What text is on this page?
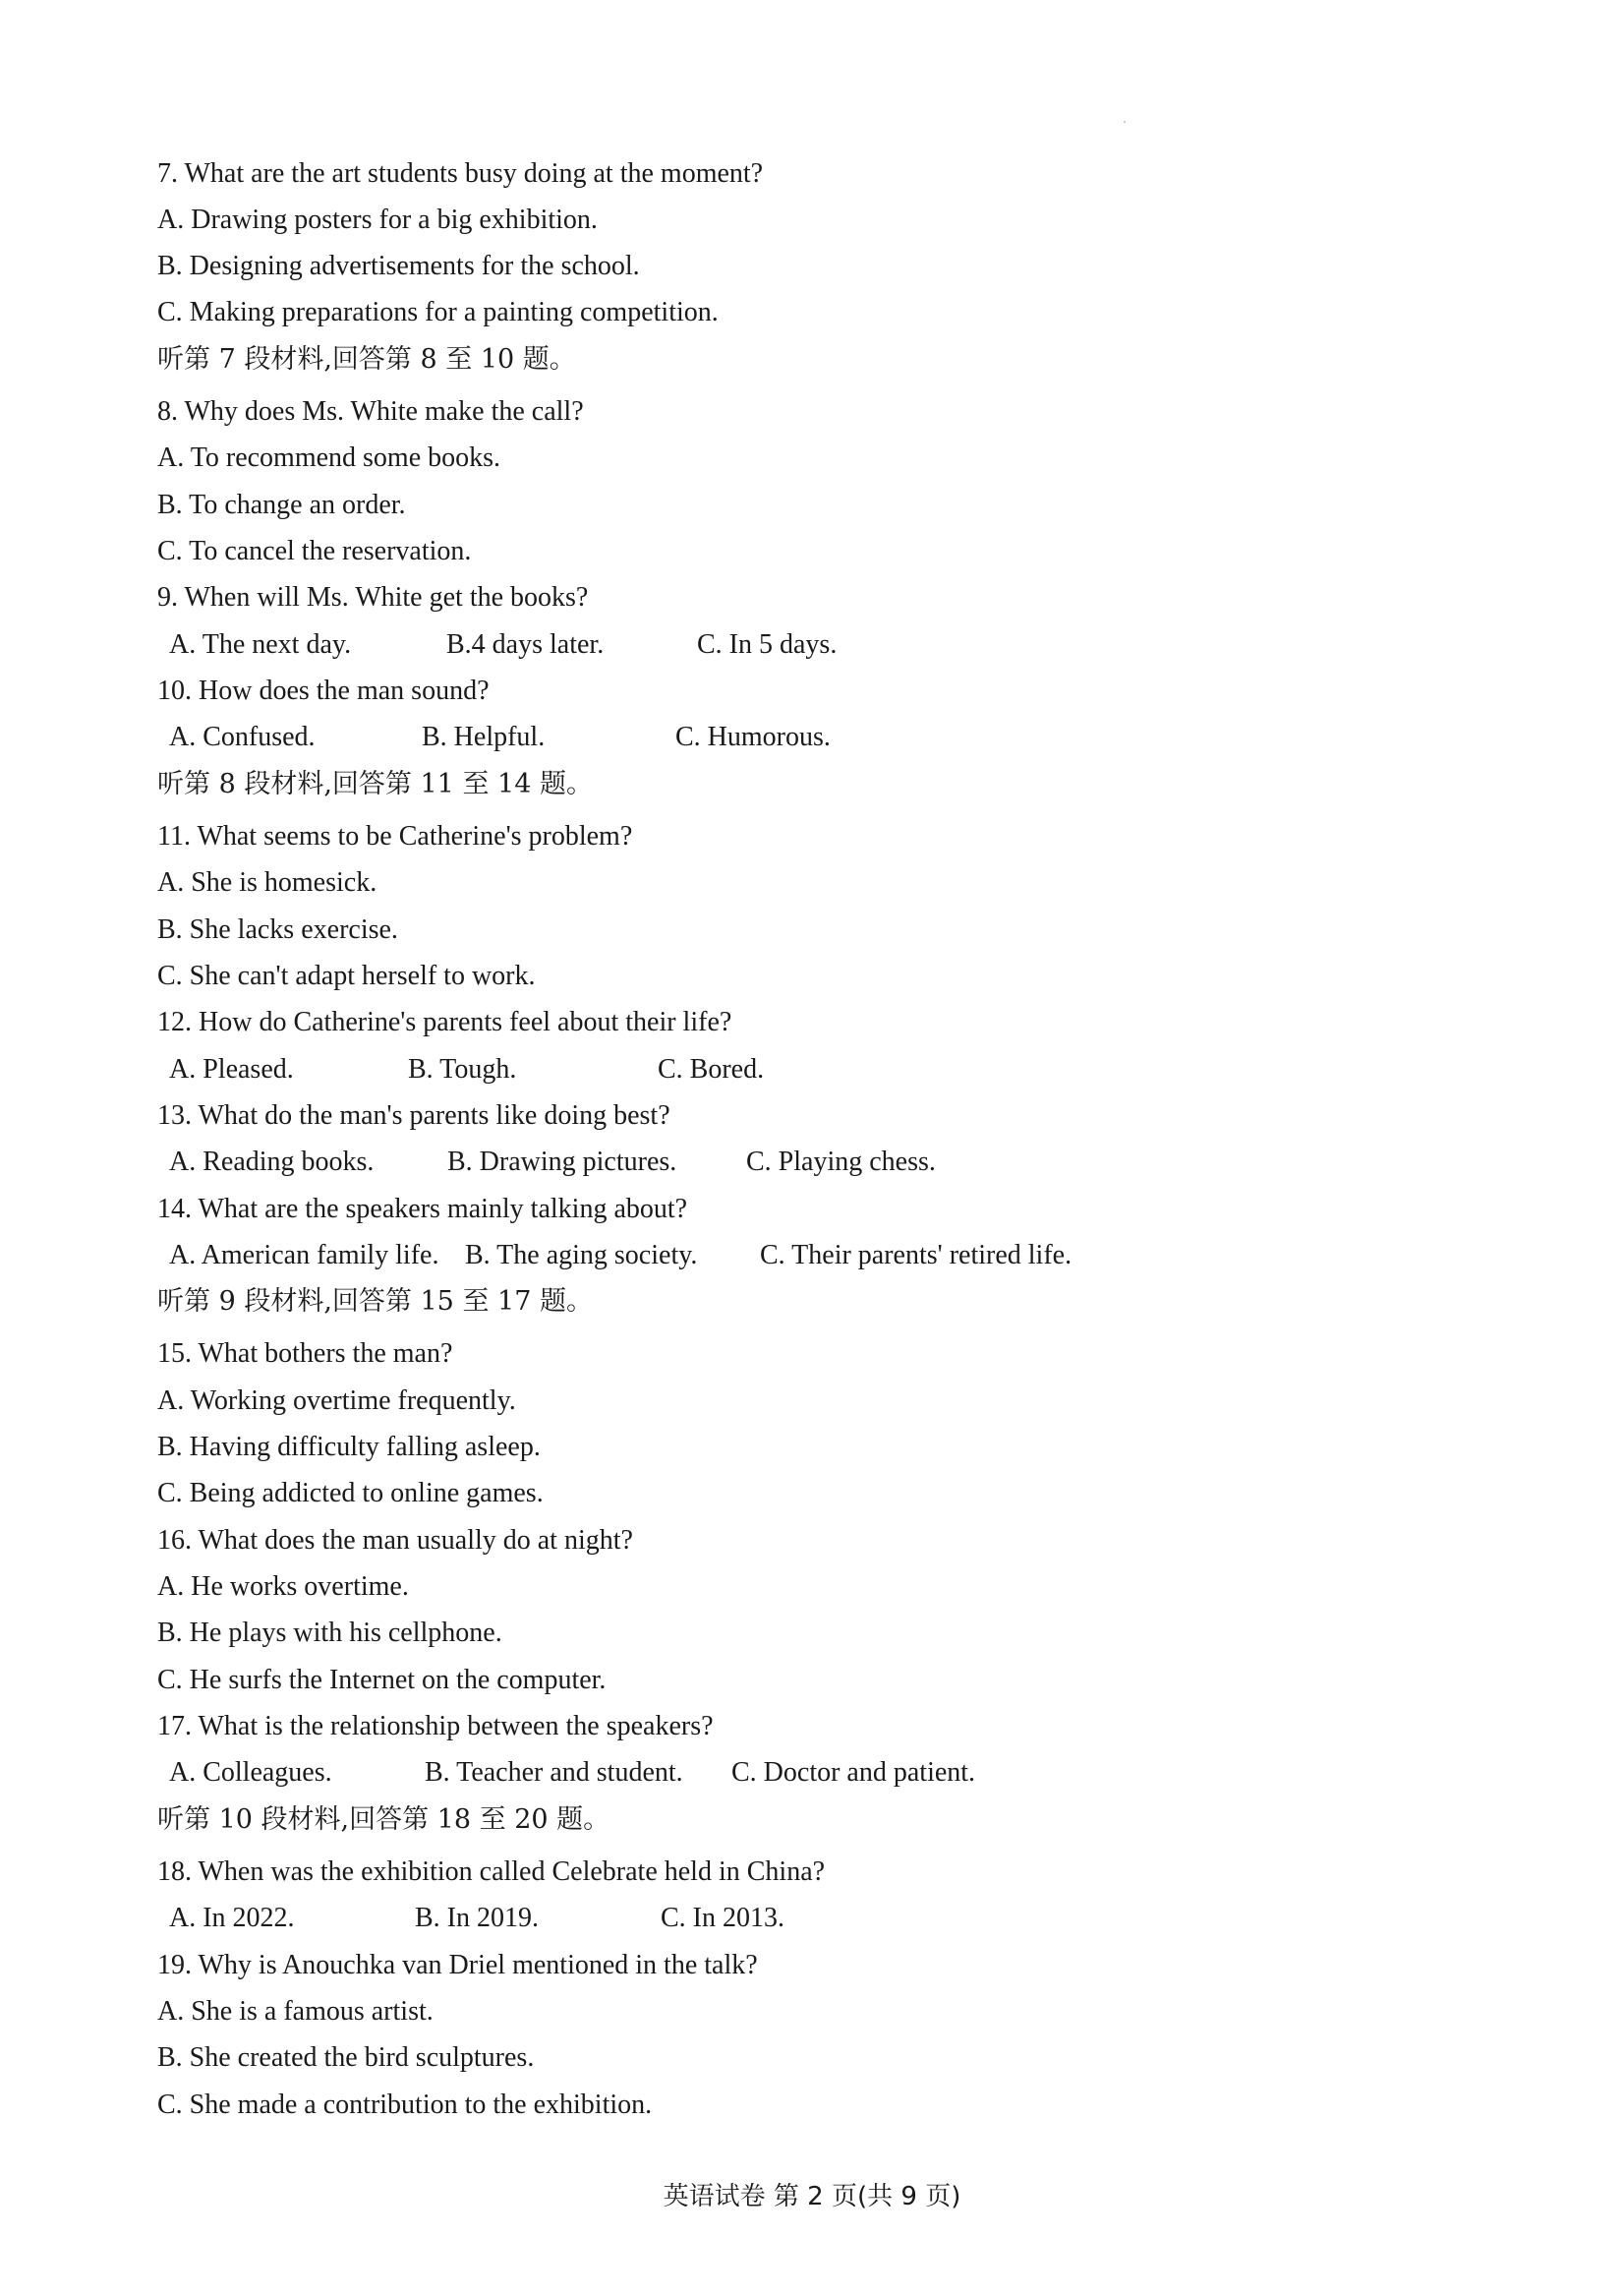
7. What are the art students busy doing at the moment?
A. Drawing posters for a big exhibition.
B. Designing advertisements for the school.
C. Making preparations for a painting competition.
听第 7 段材料,回答第 8 至 10 题。
8. Why does Ms. White make the call?
A. To recommend some books.
B. To change an order.
C. To cancel the reservation.
9. When will Ms. White get the books?
A. The next day.	B.4 days later.	C. In 5 days.
10. How does the man sound?
A. Confused.	B. Helpful.	C. Humorous.
听第 8 段材料,回答第 11 至 14 题。
11. What seems to be Catherine's problem?
A. She is homesick.
B. She lacks exercise.
C. She can't adapt herself to work.
12. How do Catherine's parents feel about their life?
A. Pleased.	B. Tough.	C. Bored.
13. What do the man's parents like doing best?
A. Reading books.	B. Drawing pictures.	C. Playing chess.
14. What are the speakers mainly talking about?
A. American family life. B. The aging society. C. Their parents' retired life.
听第 9 段材料,回答第 15 至 17 题。
15. What bothers the man?
A. Working overtime frequently.
B. Having difficulty falling asleep.
C. Being addicted to online games.
16. What does the man usually do at night?
A. He works overtime.
B. He plays with his cellphone.
C. He surfs the Internet on the computer.
17. What is the relationship between the speakers?
A. Colleagues.	B. Teacher and student. C. Doctor and patient.
听第 10 段材料,回答第 18 至 20 题。
18. When was the exhibition called Celebrate held in China?
A. In 2022.	B. In 2019.	C. In 2013.
19. Why is Anouchka van Driel mentioned in the talk?
A. She is a famous artist.
B. She created the bird sculptures.
C. She made a contribution to the exhibition.
英语试卷 第 2 页(共 9 页)
